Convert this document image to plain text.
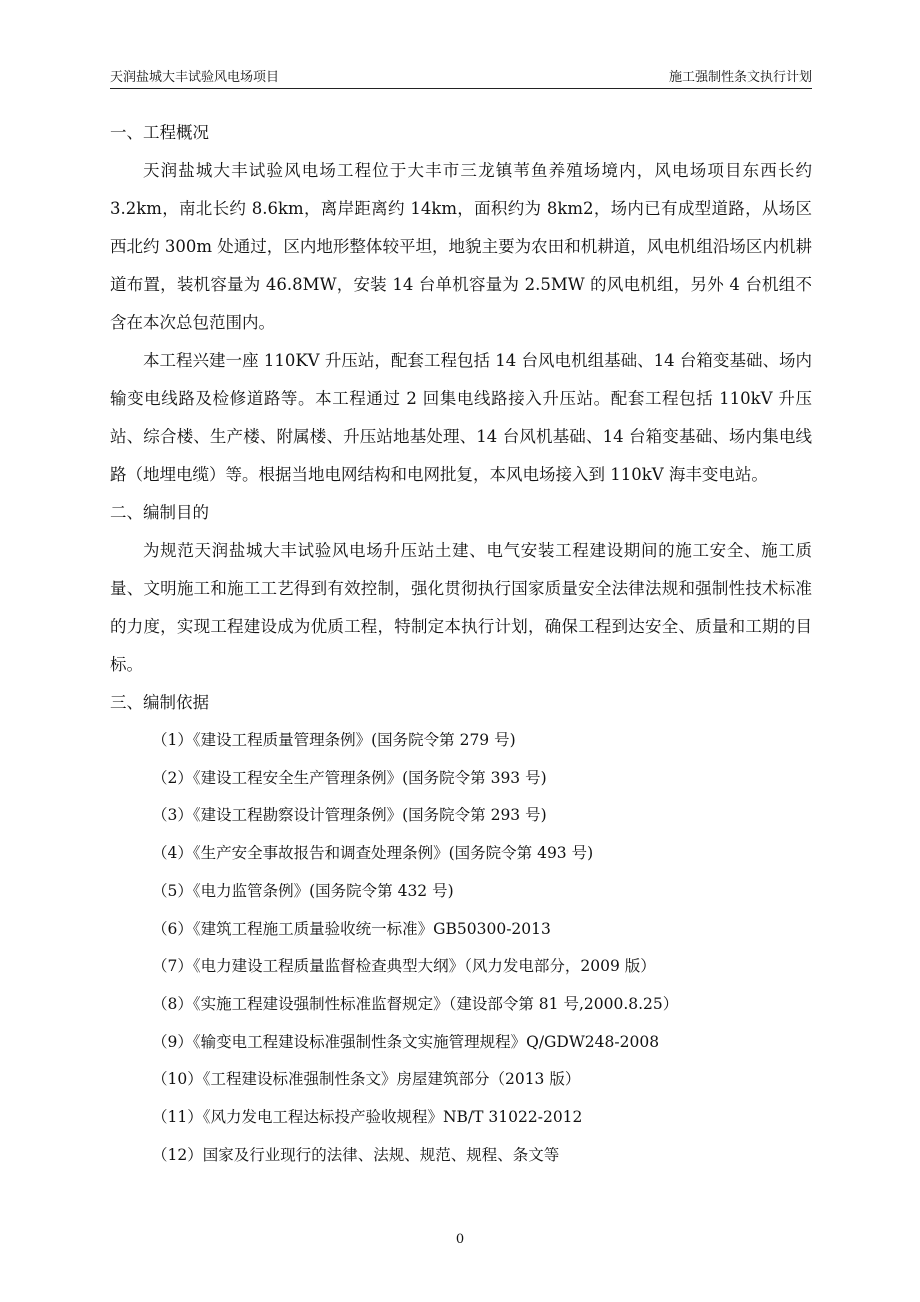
天润盐城大丰试验风电场项目	施工强制性条文执行计划
一、工程概况

天润盐城大丰试验风电场工程位于大丰市三龙镇苇鱼养殖场境内，风电场项目东西长约 3.2km，南北长约 8.6km，离岸距离约 14km，面积约为 8km2，场内已有成型道路，从场区西北约 300m 处通过，区内地形整体较平坦，地貌主要为农田和机耕道，风电机组沿场区内机耕道布置，装机容量为 46.8MW，安装 14 台单机容量为 2.5MW 的风电机组，另外 4 台机组不含在本次总包范围内。

本工程兴建一座 110KV 升压站，配套工程包括 14 台风电机组基础、14 台箱变基础、场内输变电线路及检修道路等。本工程通过 2 回集电线路接入升压站。配套工程包括 110kV 升压站、综合楼、生产楼、附属楼、升压站地基处理、14 台风机基础、14 台箱变基础、场内集电线路（地埋电缆）等。根据当地电网结构和电网批复，本风电场接入到 110kV 海丰变电站。

二、编制目的

为规范天润盐城大丰试验风电场升压站土建、电气安装工程建设期间的施工安全、施工质量、文明施工和施工工艺得到有效控制，强化贯彻执行国家质量安全法律法规和强制性技术标准的力度，实现工程建设成为优质工程，特制定本执行计划，确保工程到达安全、质量和工期的目标。

三、编制依据
（1）《建设工程质量管理条例》(国务院令第 279 号)
（2）《建设工程安全生产管理条例》(国务院令第 393 号)
（3）《建设工程勘察设计管理条例》(国务院令第 293 号)
（4）《生产安全事故报告和调查处理条例》(国务院令第 493 号)
（5）《电力监管条例》(国务院令第 432 号)
（6）《建筑工程施工质量验收统一标准》GB50300-2013
（7）《电力建设工程质量监督检查典型大纲》（风力发电部分，2009 版）
（8）《实施工程建设强制性标准监督规定》（建设部令第 81 号,2000.8.25）
（9）《输变电工程建设标准强制性条文实施管理规程》Q/GDW248-2008
（10）《工程建设标准强制性条文》房屋建筑部分（2013 版）
（11）《风力发电工程达标投产验收规程》NB/T 31022-2012
（12）国家及行业现行的法律、法规、规范、规程、条文等
0
